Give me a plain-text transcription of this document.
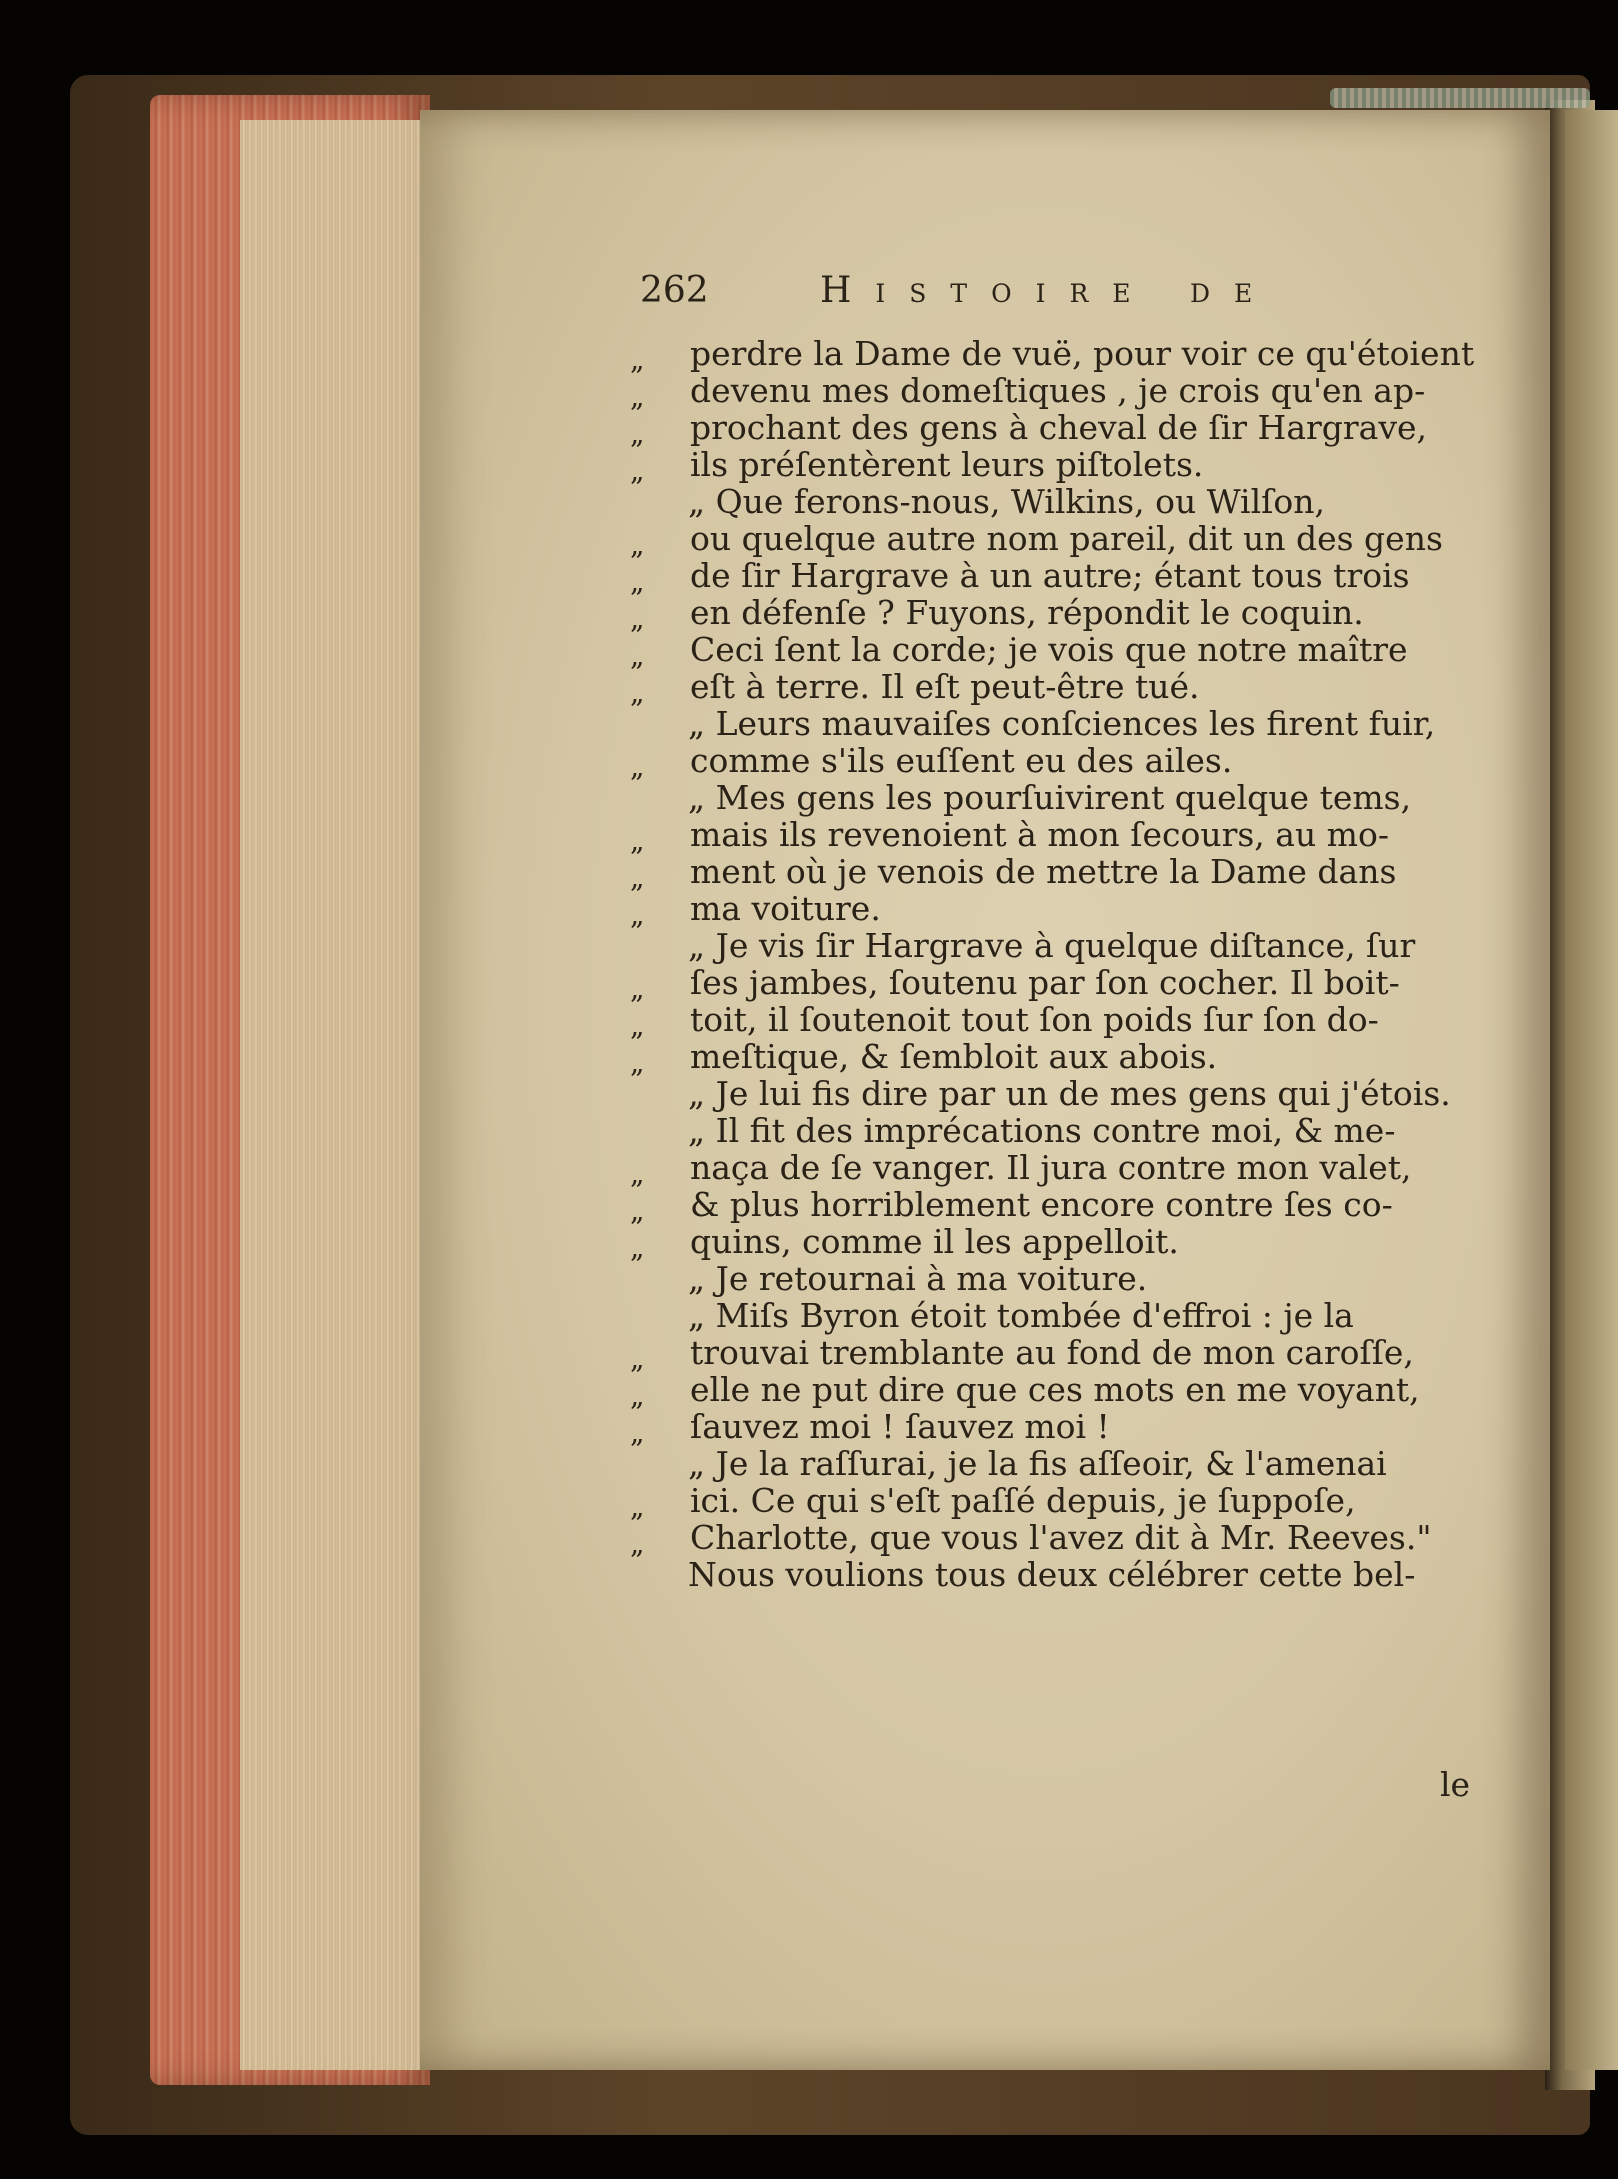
262	Histoire de
„	perdre la Dame de vuë, pour voir ce qu'étoient
„	devenu mes domeſtiques , je crois qu'en ap-
„	prochant des gens à cheval de ſir Hargrave,
„	ils préſentèrent leurs piſtolets.
„ Que ferons-nous, Wilkins, ou Wilſon,
„	ou quelque autre nom pareil, dit un des gens
„	de ſir Hargrave à un autre; étant tous trois
„	en défenſe ? Fuyons, répondit le coquin.
„	Ceci ſent la corde; je vois que notre maître
„	eſt à terre. Il eſt peut-être tué.
„ Leurs mauvaiſes conſciences les firent fuir,
„	comme s'ils euſſent eu des ailes.
„ Mes gens les pourſuivirent quelque tems,
„	mais ils revenoient à mon ſecours, au mo-
„	ment où je venois de mettre la Dame dans
„	ma voiture.
„ Je vis ſir Hargrave à quelque diſtance, ſur
„	ſes jambes, ſoutenu par ſon cocher. Il boit-
„	toit, il ſoutenoit tout ſon poids ſur ſon do-
„	meſtique, & ſembloit aux abois.
„ Je lui fis dire par un de mes gens qui j'étois.
„ Il fit des imprécations contre moi, & me-
„	naça de ſe vanger. Il jura contre mon valet,
„	& plus horriblement encore contre ſes co-
„	quins, comme il les appelloit.
„ Je retournai à ma voiture.
„ Miſs Byron étoit tombée d'effroi : je la
„	trouvai tremblante au fond de mon caroſſe,
„	elle ne put dire que ces mots en me voyant,
„	ſauvez moi ! ſauvez moi !
„ Je la raſſurai, je la fis aſſeoir, & l'amenai
„	ici. Ce qui s'eſt paſſé depuis, je ſuppoſe,
„	Charlotte, que vous l'avez dit à Mr. Reeves."
Nous voulions tous deux célébrer cette bel-
le
